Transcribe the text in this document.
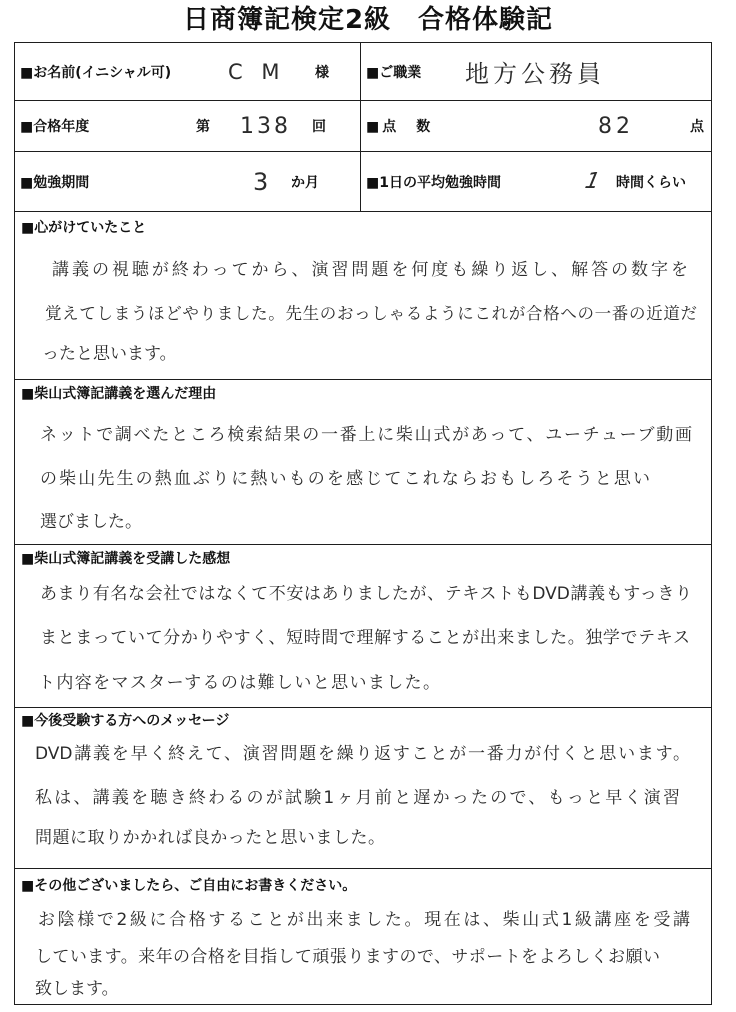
日商簿記検定2級　合格体験記
■お名前(イニシャル可)	C M 様	■ご職業 地方公務員
■合格年度	第 138 回	■点　数	82	点
■勉強期間	3 か月	■1日の平均勉強時間	1 時間くらい
■心がけていたこと
講義の視聴が終わってから、演習問題を何度も繰り返し、解答の数字を
覚えてしまうほどやりました。先生のおっしゃるようにこれが合格への一番の近道だ
ったと思います。
■柴山式簿記講義を選んだ理由
ネットで調べたところ検索結果の一番上に柴山式があって、ユーチューブ動画
の柴山先生の熱血ぶりに熱いものを感じてこれならおもしろそうと思い
選びました。
■柴山式簿記講義を受講した感想
あまり有名な会社ではなくて不安はありましたが、テキストもDVD講義もすっきり
まとまっていて分かりやすく、短時間で理解することが出来ました。独学でテキス
ト内容をマスターするのは難しいと思いました。
■今後受験する方へのメッセージ
DVD講義を早く終えて、演習問題を繰り返すことが一番力が付くと思います。
私は、講義を聴き終わるのが試験1ヶ月前と遅かったので、もっと早く演習
問題に取りかかれば良かったと思いました。
■その他ございましたら、ご自由にお書きください。
お陰様で2級に合格することが出来ました。現在は、柴山式1級講座を受講
しています。来年の合格を目指して頑張りますので、サポートをよろしくお願い
致します。
